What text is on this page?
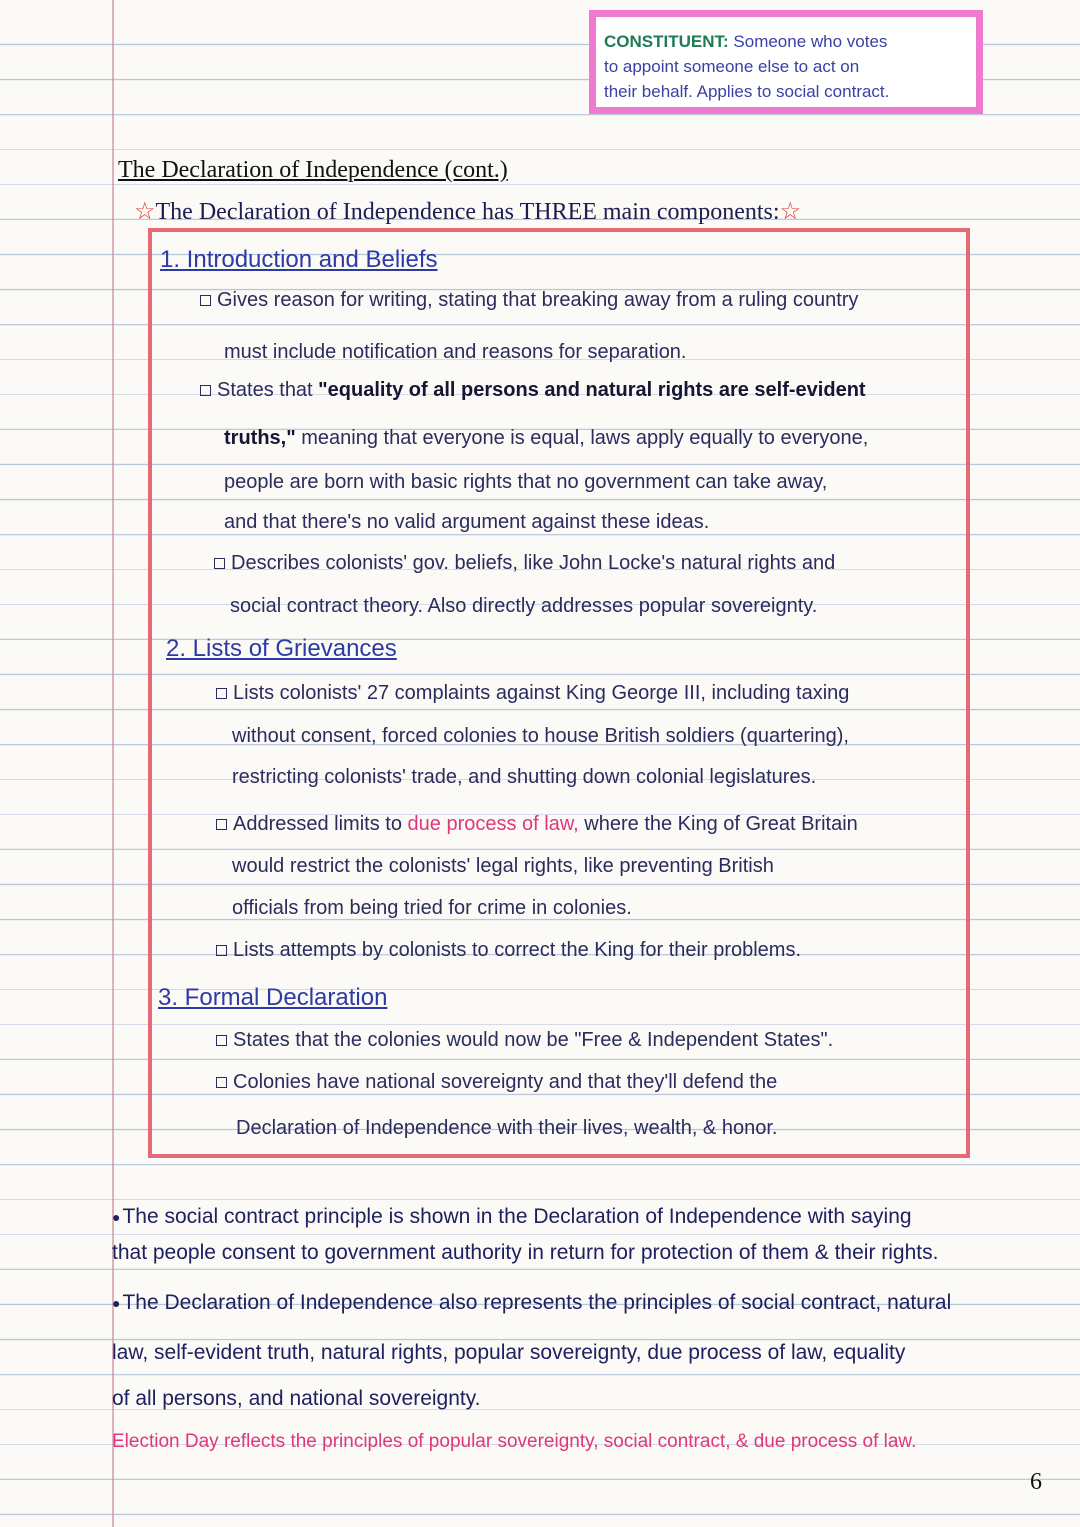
CONSTITUENT: Someone who votes
to appoint someone else to act on
their behalf. Applies to social contract.
The Declaration of Independence (cont.)
☆The Declaration of Independence has THREE main components:☆
1. Introduction and Beliefs
Gives reason for writing, stating that breaking away from a ruling country
must include notification and reasons for separation.
States that "equality of all persons and natural rights are self-evident
truths," meaning that everyone is equal, laws apply equally to everyone,
people are born with basic rights that no government can take away,
and that there's no valid argument against these ideas.
Describes colonists' gov. beliefs, like John Locke's natural rights and
social contract theory. Also directly addresses popular sovereignty.
2. Lists of Grievances
Lists colonists' 27 complaints against King George III, including taxing
without consent, forced colonies to house British soldiers (quartering),
restricting colonists' trade, and shutting down colonial legislatures.
Addressed limits to due process of law, where the King of Great Britain
would restrict the colonists' legal rights, like preventing British
officials from being tried for crime in colonies.
Lists attempts by colonists to correct the King for their problems.
3. Formal Declaration
States that the colonies would now be "Free & Independent States".
Colonies have national sovereignty and that they'll defend the
Declaration of Independence with their lives, wealth, & honor.
●The social contract principle is shown in the Declaration of Independence with saying
that people consent to government authority in return for protection of them & their rights.
●The Declaration of Independence also represents the principles of social contract, natural
law, self-evident truth, natural rights, popular sovereignty, due process of law, equality
of all persons, and national sovereignty.
Election Day reflects the principles of popular sovereignty, social contract, & due process of law.
6
